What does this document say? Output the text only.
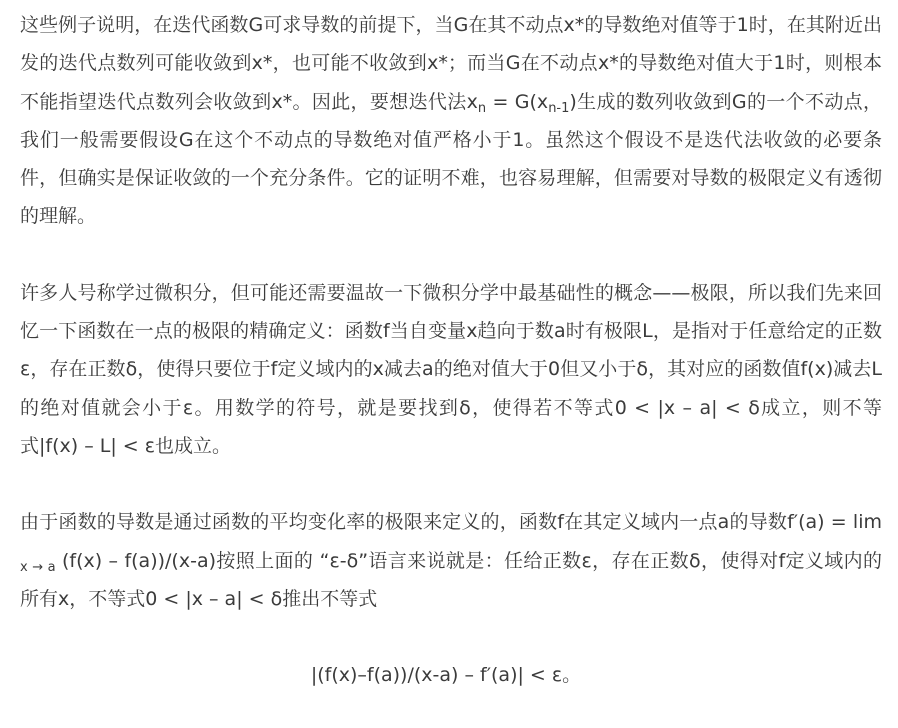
这些例子说明，在迭代函数G可求导数的前提下，当G在其不动点x*的导数绝对值等于1时，在其附近出发的迭代点数列可能收敛到x*，也可能不收敛到x*；而当G在不动点x*的导数绝对值大于1时，则根本不能指望迭代点数列会收敛到x*。因此，要想迭代法$x_n = G(x_{n-1})$生成的数列收敛到G的一个不动点，我们一般需要假设G在这个不动点的导数绝对值严格小于1。虽然这个假设不是迭代法收敛的必要条件，但确实是保证收敛的一个充分条件。它的证明不难，也容易理解，但需要对导数的极限定义有透彻的理解。

许多人号称学过微积分，但可能还需要温故一下微积分学中最基础性的概念——极限，所以我们先来回忆一下函数在一点的极限的精确定义：函数f当自变量x趋向于数a时有极限L，是指对于任意给定的正数ε，存在正数δ，使得只要位于f定义域内的x减去a的绝对值大于0但又小于δ，其对应的函数值f(x)减去L的绝对值就会小于ε。用数学的符号，就是要找到δ，使得若不等式0 < |x – a| < δ成立，则不等式|f(x) – L| < ε也成立。

由于函数的导数是通过函数的平均变化率的极限来定义的，函数f在其定义域内一点a的导数f′(a) = lim $_{x \to a}$ (f(x) – f(a))/(x-a)按照上面的 “ε-δ”语言来说就是：任给正数ε，存在正数δ，使得对f定义域内的所有x，不等式0 < |x – a| < δ推出不等式

|(f(x)–f(a))/(x-a) – f′(a)| < ε。
